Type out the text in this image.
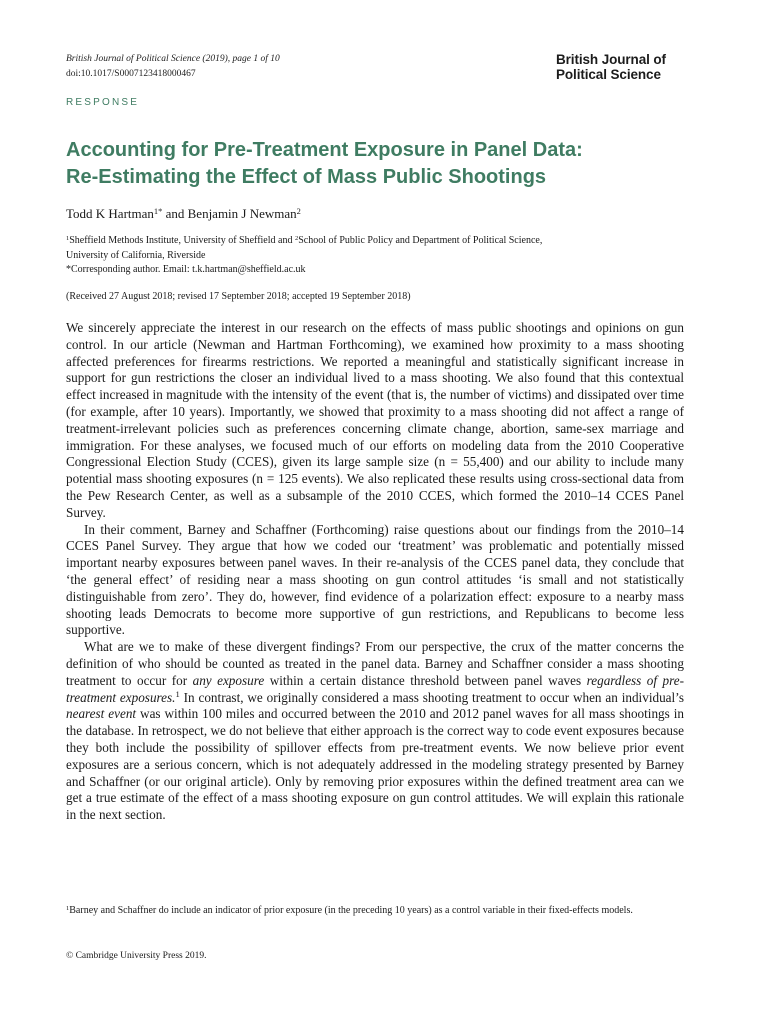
British Journal of Political Science (2019), page 1 of 10
doi:10.1017/S0007123418000467
British Journal of
Political Science
RESPONSE
Accounting for Pre-Treatment Exposure in Panel Data:
Re-Estimating the Effect of Mass Public Shootings
Todd K Hartman$^{1*}$ and Benjamin J Newman$^2$
$^1$Sheffield Methods Institute, University of Sheffield and $^2$School of Public Policy and Department of Political Science,
University of California, Riverside
*Corresponding author. Email: t.k.hartman@sheffield.ac.uk
(Received 27 August 2018; revised 17 September 2018; accepted 19 September 2018)

We sincerely appreciate the interest in our research on the effects of mass public shootings and opinions on gun control. In our article (Newman and Hartman Forthcoming), we examined how proximity to a mass shooting affected preferences for firearms restrictions. We reported a meaningful and statistically significant increase in support for gun restrictions the closer an individual lived to a mass shooting. We also found that this contextual effect increased in magnitude with the intensity of the event (that is, the number of victims) and dissipated over time (for example, after 10 years). Importantly, we showed that proximity to a mass shooting did not affect a range of treatment-irrelevant policies such as preferences concerning climate change, abortion, same-sex marriage and immigration. For these analyses, we focused much of our efforts on modeling data from the 2010 Cooperative Congressional Election Study (CCES), given its large sample size (n = 55,400) and our ability to include many potential mass shooting exposures (n = 125 events). We also replicated these results using cross-sectional data from the Pew Research Center, as well as a subsample of the 2010 CCES, which formed the 2010–14 CCES Panel Survey.

In their comment, Barney and Schaffner (Forthcoming) raise questions about our findings from the 2010–14 CCES Panel Survey. They argue that how we coded our ‘treatment’ was problematic and potentially missed important nearby exposures between panel waves. In their re-analysis of the CCES panel data, they conclude that ‘the general effect’ of residing near a mass shooting on gun control attitudes ‘is small and not statistically distinguishable from zero’. They do, however, find evidence of a polarization effect: exposure to a nearby mass shooting leads Democrats to become more supportive of gun restrictions, and Republicans to become less supportive.

What are we to make of these divergent findings? From our perspective, the crux of the matter concerns the definition of who should be counted as treated in the panel data. Barney and Schaffner consider a mass shooting treatment to occur for any exposure within a certain distance threshold between panel waves regardless of pre-treatment exposures.$^1$ In contrast, we originally considered a mass shooting treatment to occur when an individual’s nearest event was within 100 miles and occurred between the 2010 and 2012 panel waves for all mass shootings in the database. In retrospect, we do not believe that either approach is the correct way to code event exposures because they both include the possibility of spillover effects from pre-treatment events. We now believe prior event exposures are a serious concern, which is not adequately addressed in the modeling strategy presented by Barney and Schaffner (or our original article). Only by removing prior exposures within the defined treatment area can we get a true estimate of the effect of a mass shooting exposure on gun control attitudes. We will explain this rationale in the next section.

$^1$Barney and Schaffner do include an indicator of prior exposure (in the preceding 10 years) as a control variable in their fixed-effects models.
© Cambridge University Press 2019.
